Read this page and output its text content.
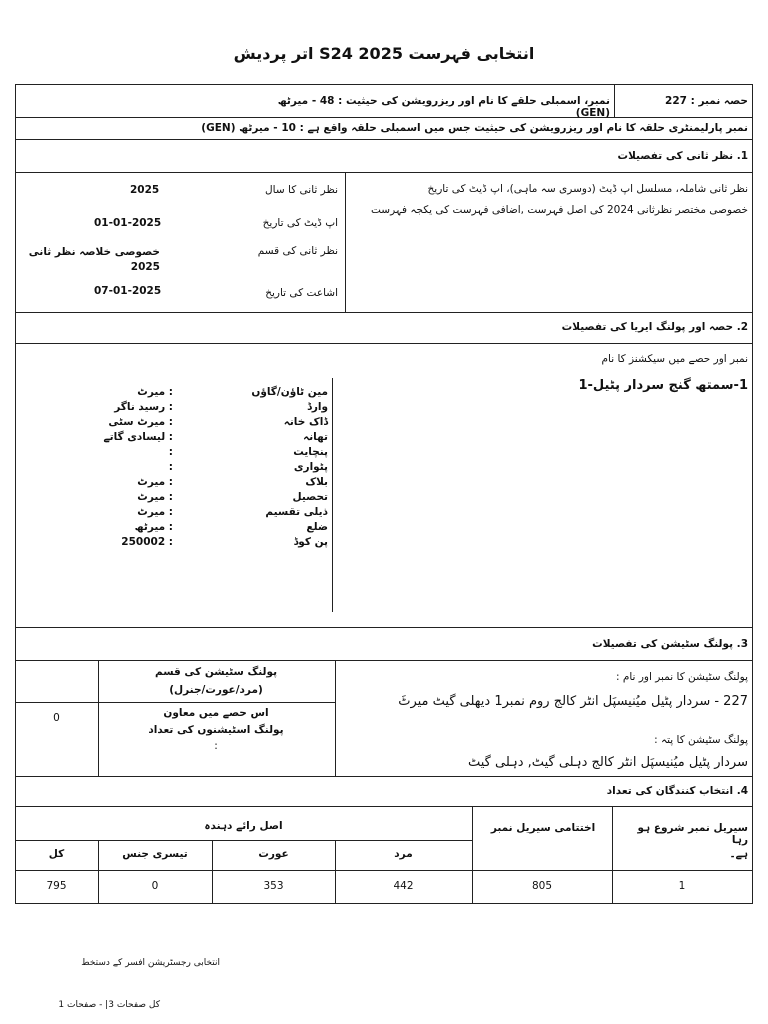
انتخابی فہرست S24 2025 اتر پردیش
حصہ نمبر : 227
نمبر، اسمبلی حلقے کا نام اور ریزرویشن کی حیثیت : 48 - میرٹھ (GEN)
نمبر پارلیمنٹری حلقہ کا نام اور ریزرویشن کی حیثیت جس میں اسمبلی حلقہ واقع ہے : 10 - میرٹھ (GEN)
1. نظر ثانی کی تفصیلات
نظر ثانی شاملہ، مسلسل اپ ڈیٹ (دوسری سہ ماہی)، اپ ڈیٹ کی تاریخ
خصوصی مختصر نظرثانی 2024 کی اصل فہرست ,اضافی فہرست کی یکجہ فہرست
نظر ثانی کا سال
2025
اپ ڈیٹ کی تاریخ
01-01-2025
نظر ثانی کی قسم
خصوصی خلاصہ نظر ثانی 2025
اشاعت کی تاریخ
07-01-2025
2. حصہ اور پولنگ ایریا کی تفصیلات
نمبر اور حصے میں سیکشنز کا نام
1-سمتھ گنج سردار پٹیل-1
مین ٹاؤن/گاؤں
: میرٹ
وارڈ
: رسید ناگر
ڈاک خانہ
: میرٹ سٹی
تھانہ
: لیسادی گاتے
پنچایت
:
پٹواری
:
بلاک
: میرٹ
تحصیل
: میرٹ
ذیلی تقسیم
: میرٹ
ضلع
: میرٹھ
پن کوڈ
: 250002
3. پولنگ سٹیشن کی تفصیلات
پولنگ سٹیشن کا نمبر اور نام :
227 - سردار پٹیل میُنیسپَل انٹر کالج روم نمبر1 دیھلی گیٹ میرٹَ
پولنگ سٹیشن کا پتہ :
سردار پٹیل میُنیسپَل انٹر کالج دہلی گیٹ, دہلی گیٹ
پولنگ سٹیشن کی قسم
(مرد/عورت/جنرل)
اس حصے میں معاون
پولنگ اسٹیشنوں کی تعداد
:
0
4. انتخاب کنندگان کی تعداد
سیریل نمبر شروع ہو رہا
ہے۔
اختتامی سیریل نمبر
اصل رائے دہندہ
مرد
عورت
تیسری جنس
کل
1
805
442
353
0
795
انتخابی رجسٹریشن افسر کے دستخط
کل صفحات 3| - صفحات 1
